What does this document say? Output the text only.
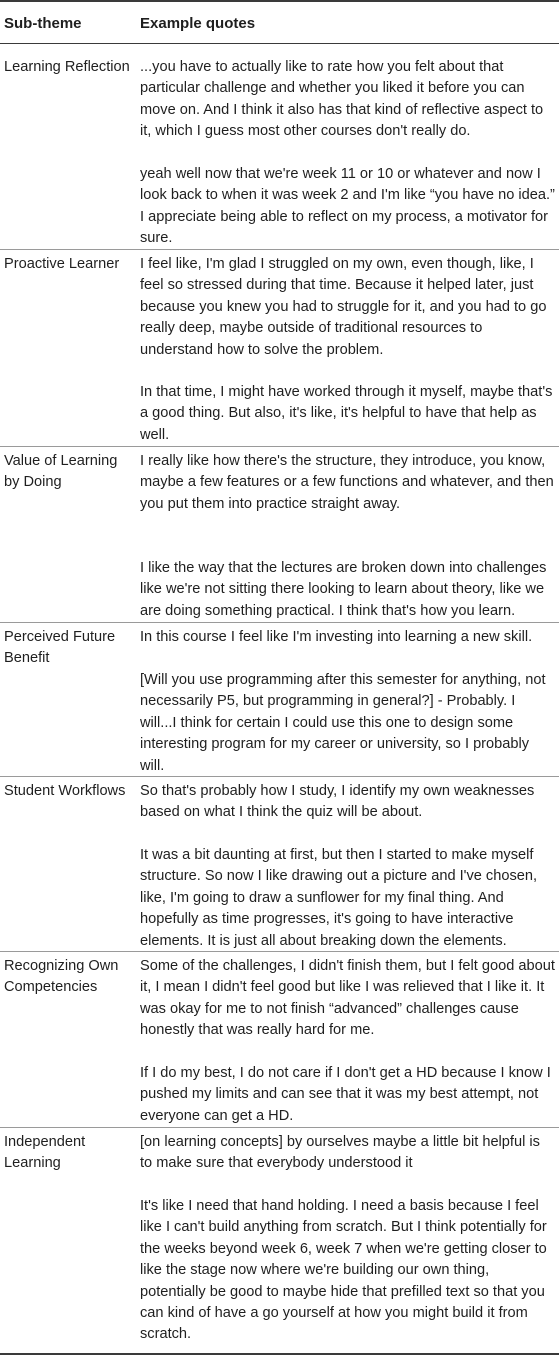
Sub-theme	Example quotes
Learning Reflection ...you have to actually like to rate how you felt about that particular challenge and whether you liked it before you can move on. And I think it also has that kind of reflective aspect to it, which I guess most other courses don't really do.
yeah well now that we're week 11 or 10 or whatever and now I look back to when it was week 2 and I'm like “you have no idea.” I appreciate being able to reflect on my process, a motivator for sure.
Proactive Learner	I feel like, I'm glad I struggled on my own, even though, like, I feel so stressed during that time. Because it helped later, just because you knew you had to struggle for it, and you had to go really deep, maybe outside of traditional resources to understand how to solve the problem.
In that time, I might have worked through it myself, maybe that's a good thing. But also, it's like, it's helpful to have that help as well.
Value of Learning by Doing
I really like how there's the structure, they introduce, you know, maybe a few features or a few functions and whatever, and then you put them into practice straight away.
I like the way that the lectures are broken down into challenges like we're not sitting there looking to learn about theory, like we are doing something practical. I think that's how you learn.
Perceived Future Benefit
In this course I feel like I'm investing into learning a new skill.
[Will you use programming after this semester for anything, not necessarily P5, but programming in general?] - Probably. I will...I think for certain I could use this one to design some interesting program for my career or university, so I probably will.
Student Workflows So that's probably how I study, I identify my own weaknesses based on what I think the quiz will be about.
It was a bit daunting at first, but then I started to make myself structure. So now I like drawing out a picture and I've chosen, like, I'm going to draw a sunflower for my final thing. And hopefully as time progresses, it's going to have interactive elements. It is just all about breaking down the elements.
Recognizing Own Competencies
Some of the challenges, I didn't finish them, but I felt good about it, I mean I didn't feel good but like I was relieved that I like it. It was okay for me to not finish “advanced” challenges cause honestly that was really hard for me.
If I do my best, I do not care if I don't get a HD because I know I pushed my limits and can see that it was my best attempt, not everyone can get a HD.
Independent Learning
[on learning concepts] by ourselves maybe a little bit helpful is to make sure that everybody understood it
It's like I need that hand holding. I need a basis because I feel like I can't build anything from scratch. But I think potentially for the weeks beyond week 6, week 7 when we're getting closer to like the stage now where we're building our own thing, potentially be good to maybe hide that prefilled text so that you can kind of have a go yourself at how you might build it from scratch.
